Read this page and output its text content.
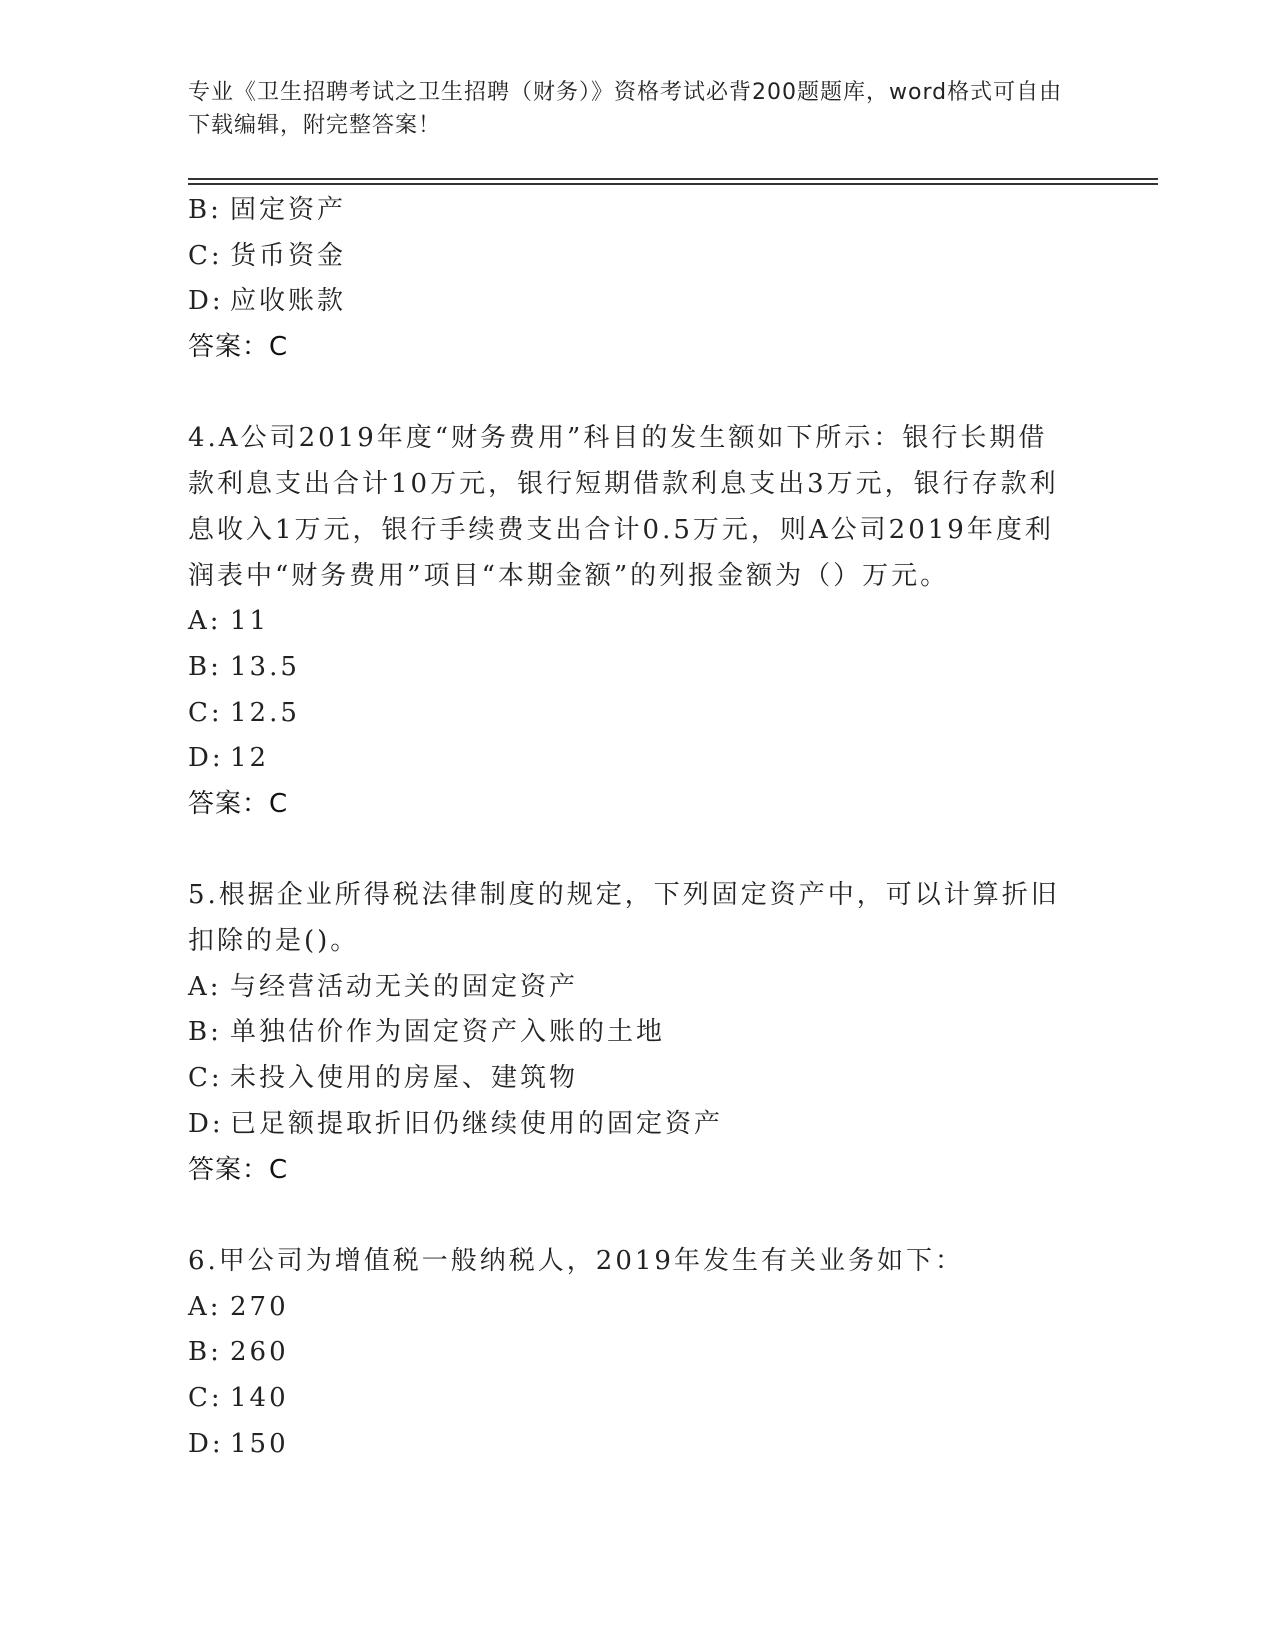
专业《卫生招聘考试之卫生招聘（财务）》资格考试必背200题题库，word格式可自由下载编辑，附完整答案！
B: 固定资产
C: 货币资金
D: 应收账款
答案：C
4.A公司2019年度“财务费用”科目的发生额如下所示：银行长期借款利息支出合计10万元，银行短期借款利息支出3万元，银行存款利息收入1万元，银行手续费支出合计0.5万元，则A公司2019年度利润表中“财务费用”项目“本期金额”的列报金额为（）万元。
A: 11
B: 13.5
C: 12.5
D: 12
答案：C
5.根据企业所得税法律制度的规定，下列固定资产中，可以计算折旧扣除的是()。
A: 与经营活动无关的固定资产
B: 单独估价作为固定资产入账的土地
C: 未投入使用的房屋、建筑物
D: 已足额提取折旧仍继续使用的固定资产
答案：C
6.甲公司为增值税一般纳税人，2019年发生有关业务如下：
A: 270
B: 260
C: 140
D: 150
